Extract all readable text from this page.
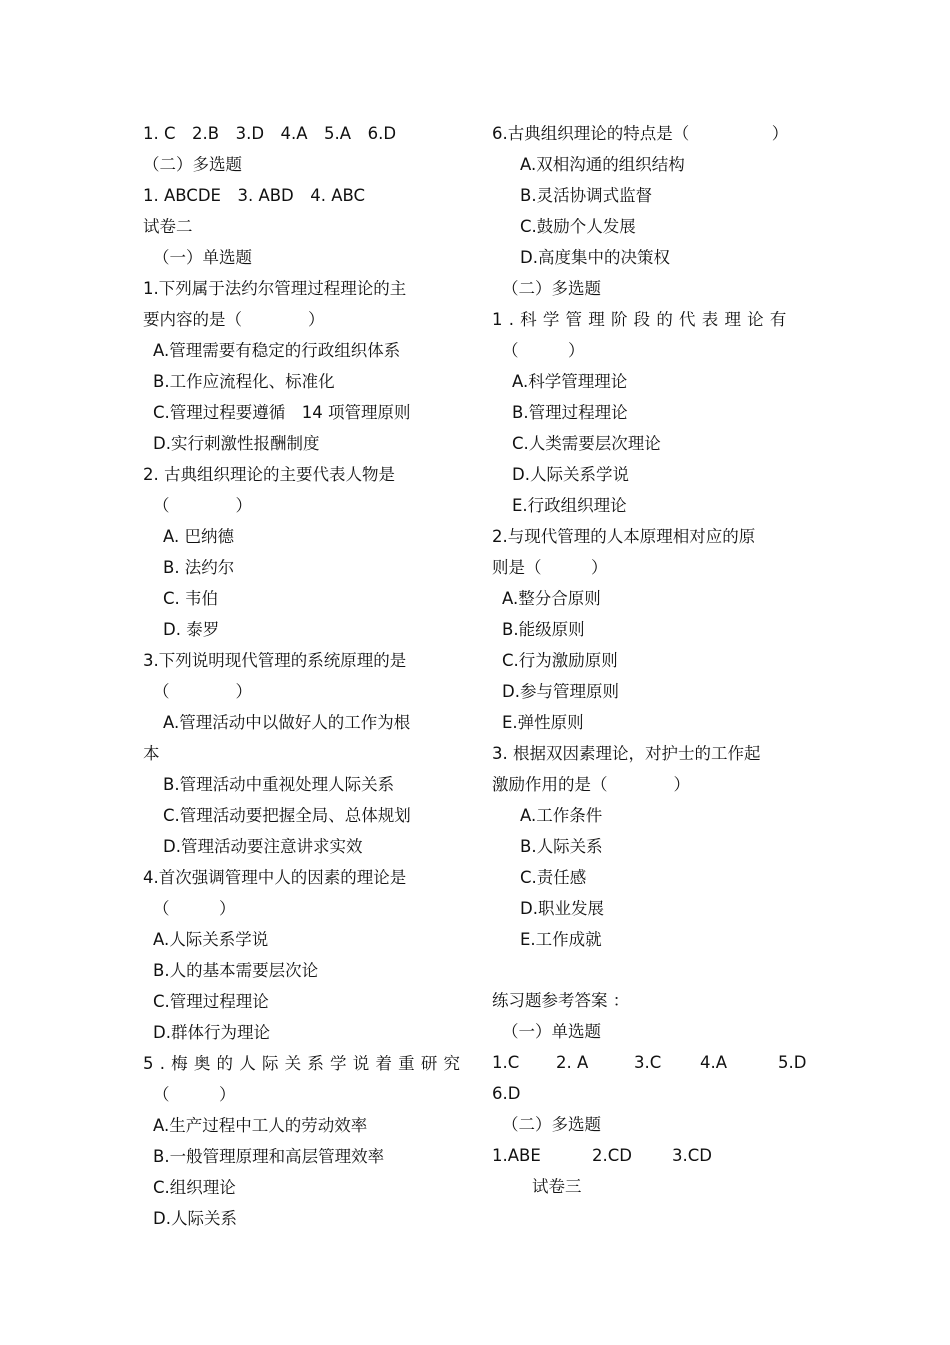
1. C　2.B　3.D　4.A　5.A　6.D
（二）多选题
1. ABCDE　3. ABD　4. ABC
试卷二
（一）单选题
1.下列属于法约尔管理过程理论的主
要内容的是（　　　　）
A.管理需要有稳定的行政组织体系
B.工作应流程化、标准化
C.管理过程要遵循　14 项管理原则
D.实行刺激性报酬制度
2. 古典组织理论的主要代表人物是
（　　　　）
A. 巴纳德
B. 法约尔
C. 韦伯
D. 泰罗
3.下列说明现代管理的系统原理的是
（　　　　）
A.管理活动中以做好人的工作为根
本
B.管理活动中重视处理人际关系
C.管理活动要把握全局、总体规划
D.管理活动要注意讲求实效
4.首次强调管理中人的因素的理论是
（　　　）
A.人际关系学说
B.人的基本需要层次论
C.管理过程理论
D.群体行为理论
5.梅奥的人际关系学说着重研究
（　　　）
A.生产过程中工人的劳动效率
B.一般管理原理和高层管理效率
C.组织理论
D.人际关系
6.古典组织理论的特点是（　　　　　）
A.双相沟通的组织结构
B.灵活协调式监督
C.鼓励个人发展
D.高度集中的决策权
（二）多选题
1.科学管理阶段的代表理论有
（　　　）
A.科学管理理论
B.管理过程理论
C.人类需要层次理论
D.人际关系学说
E.行政组织理论
2.与现代管理的人本原理相对应的原
则是（　　　）
A.整分合原则
B.能级原则
C.行为激励原则
D.参与管理原则
E.弹性原则
3. 根据双因素理论，对护士的工作起
激励作用的是（　　　　）
A.工作条件
B.人际关系
C.责任感
D.职业发展
E.工作成就
练习题参考答案 ：
（一）单选题
1.C 2. A	3.C 4.A	5.D
6.D
（二）多选题
1.ABE	2.CD 3.CD
试卷三
